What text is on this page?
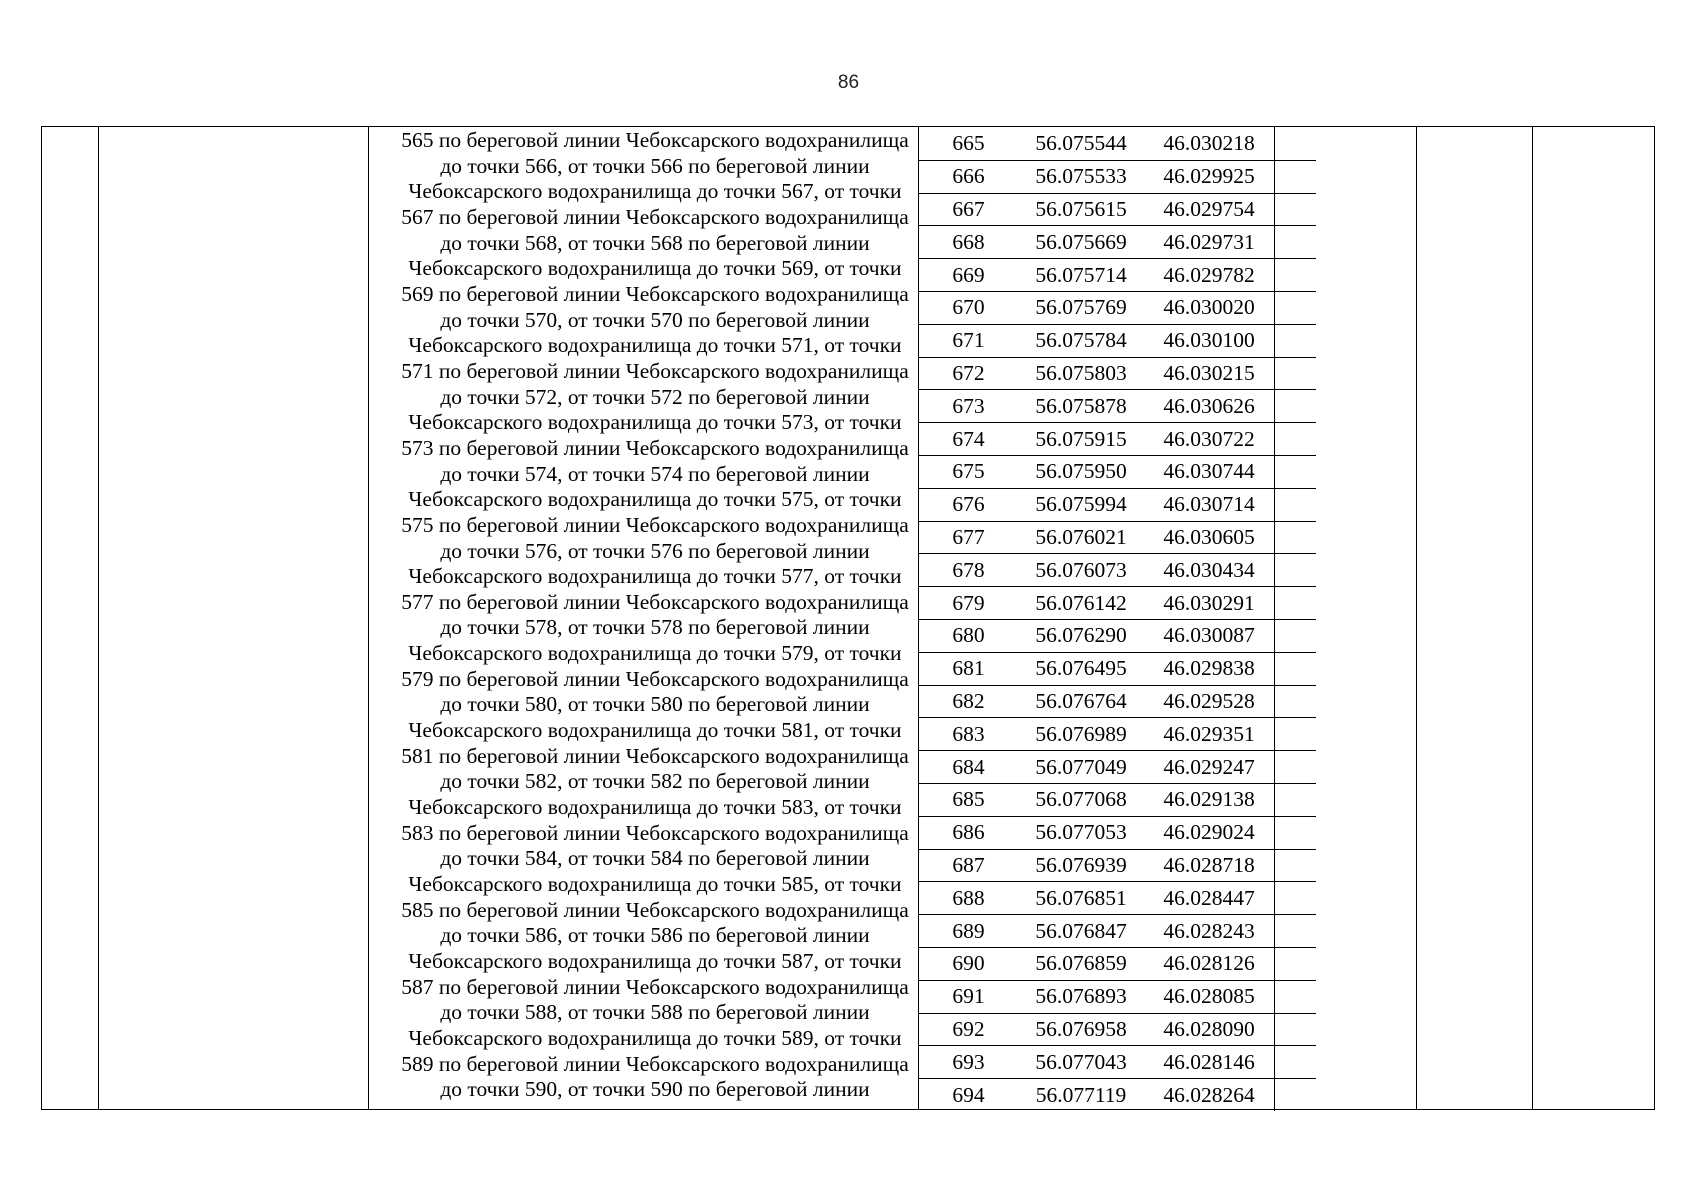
86
565 по береговой линии Чебоксарского водохранилища
до точки 566, от точки 566 по береговой линии
Чебоксарского водохранилища до точки 567, от точки
567 по береговой линии Чебоксарского водохранилища
до точки 568, от точки 568 по береговой линии
Чебоксарского водохранилища до точки 569, от точки
569 по береговой линии Чебоксарского водохранилища
до точки 570, от точки 570 по береговой линии
Чебоксарского водохранилища до точки 571, от точки
571 по береговой линии Чебоксарского водохранилища
до точки 572, от точки 572 по береговой линии
Чебоксарского водохранилища до точки 573, от точки
573 по береговой линии Чебоксарского водохранилища
до точки 574, от точки 574 по береговой линии
Чебоксарского водохранилища до точки 575, от точки
575 по береговой линии Чебоксарского водохранилища
до точки 576, от точки 576 по береговой линии
Чебоксарского водохранилища до точки 577, от точки
577 по береговой линии Чебоксарского водохранилища
до точки 578, от точки 578 по береговой линии
Чебоксарского водохранилища до точки 579, от точки
579 по береговой линии Чебоксарского водохранилища
до точки 580, от точки 580 по береговой линии
Чебоксарского водохранилища до точки 581, от точки
581 по береговой линии Чебоксарского водохранилища
до точки 582, от точки 582 по береговой линии
Чебоксарского водохранилища до точки 583, от точки
583 по береговой линии Чебоксарского водохранилища
до точки 584, от точки 584 по береговой линии
Чебоксарского водохранилища до точки 585, от точки
585 по береговой линии Чебоксарского водохранилища
до точки 586, от точки 586 по береговой линии
Чебоксарского водохранилища до точки 587, от точки
587 по береговой линии Чебоксарского водохранилища
до точки 588, от точки 588 по береговой линии
Чебоксарского водохранилища до точки 589, от точки
589 по береговой линии Чебоксарского водохранилища
до точки 590, от точки 590 по береговой линии
665	56.075544	46.030218
666	56.075533	46.029925
667	56.075615	46.029754
668	56.075669	46.029731
669	56.075714	46.029782
670	56.075769	46.030020
671	56.075784	46.030100
672	56.075803	46.030215
673	56.075878	46.030626
674	56.075915	46.030722
675	56.075950	46.030744
676	56.075994	46.030714
677	56.076021	46.030605
678	56.076073	46.030434
679	56.076142	46.030291
680	56.076290	46.030087
681	56.076495	46.029838
682	56.076764	46.029528
683	56.076989	46.029351
684	56.077049	46.029247
685	56.077068	46.029138
686	56.077053	46.029024
687	56.076939	46.028718
688	56.076851	46.028447
689	56.076847	46.028243
690	56.076859	46.028126
691	56.076893	46.028085
692	56.076958	46.028090
693	56.077043	46.028146
694	56.077119	46.028264
